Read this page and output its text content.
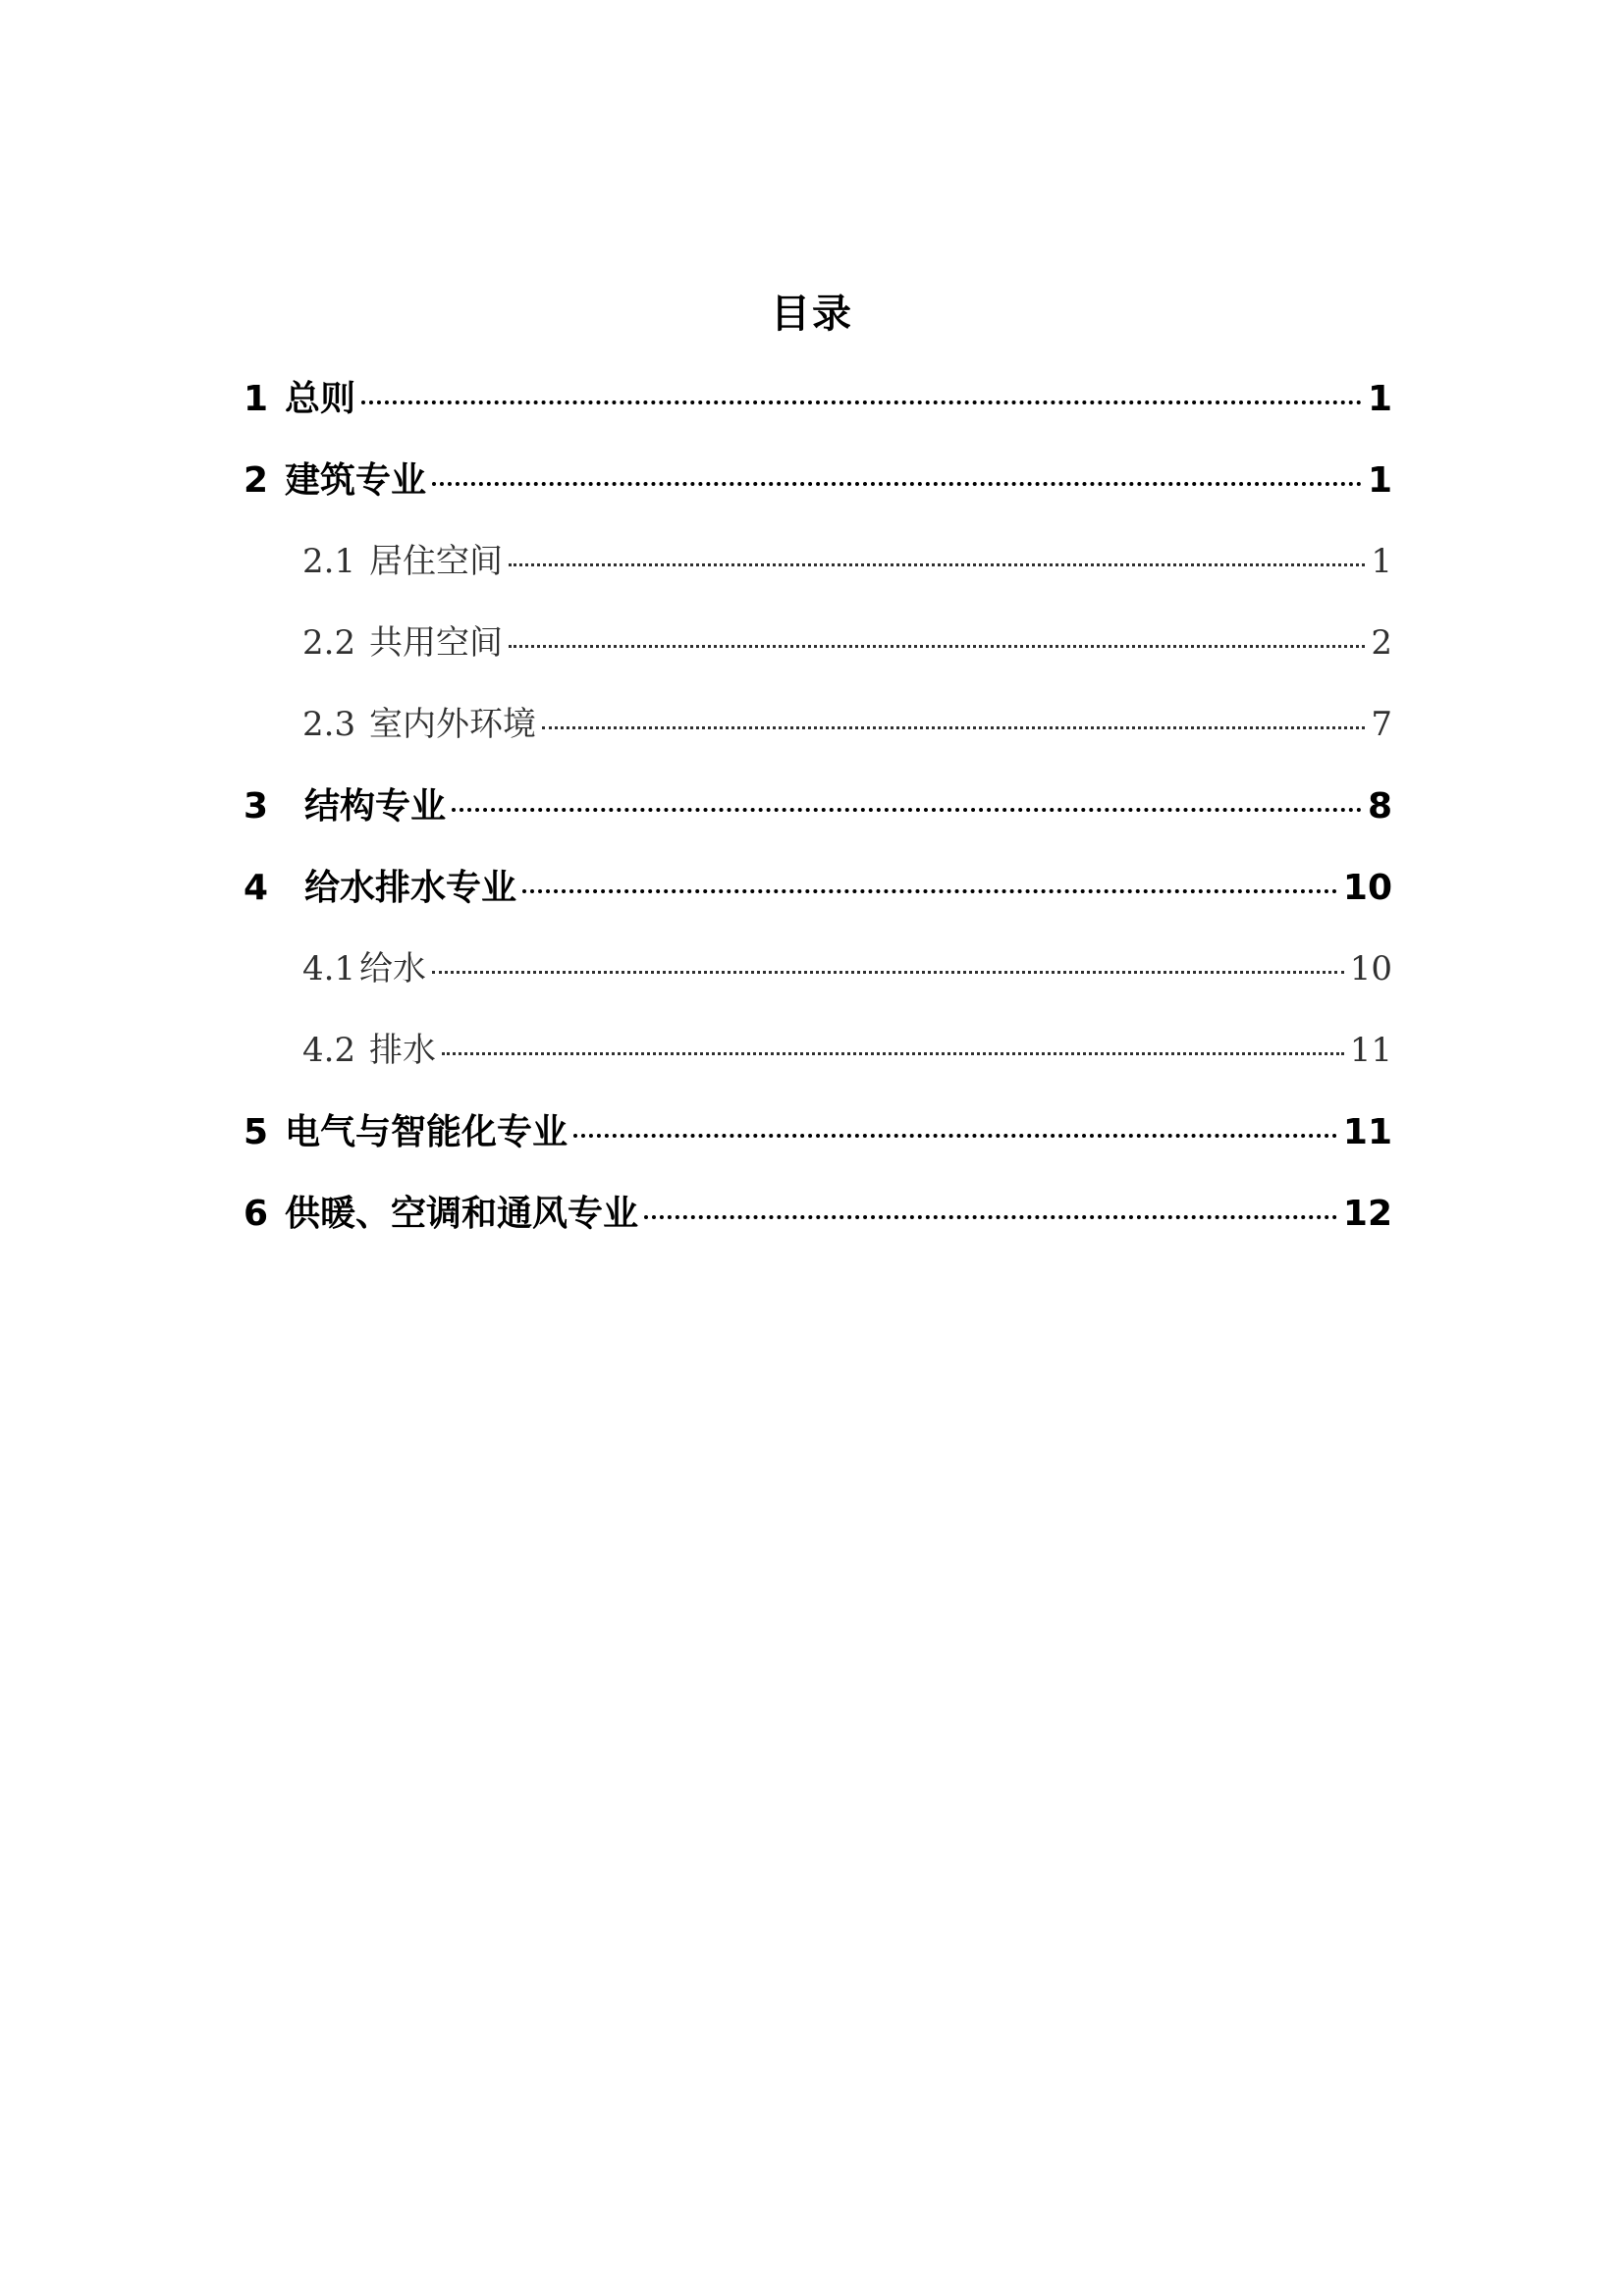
目录
1 总则	1
2 建筑专业	1
2.1 居住空间	1
2.2 共用空间	2
2.3 室内外环境	7
3	结构专业	8
4	给水排水专业	10
4.1 给水	10
4.2 排水	11
5 电气与智能化专业	11
6 供暖、空调和通风专业	12
